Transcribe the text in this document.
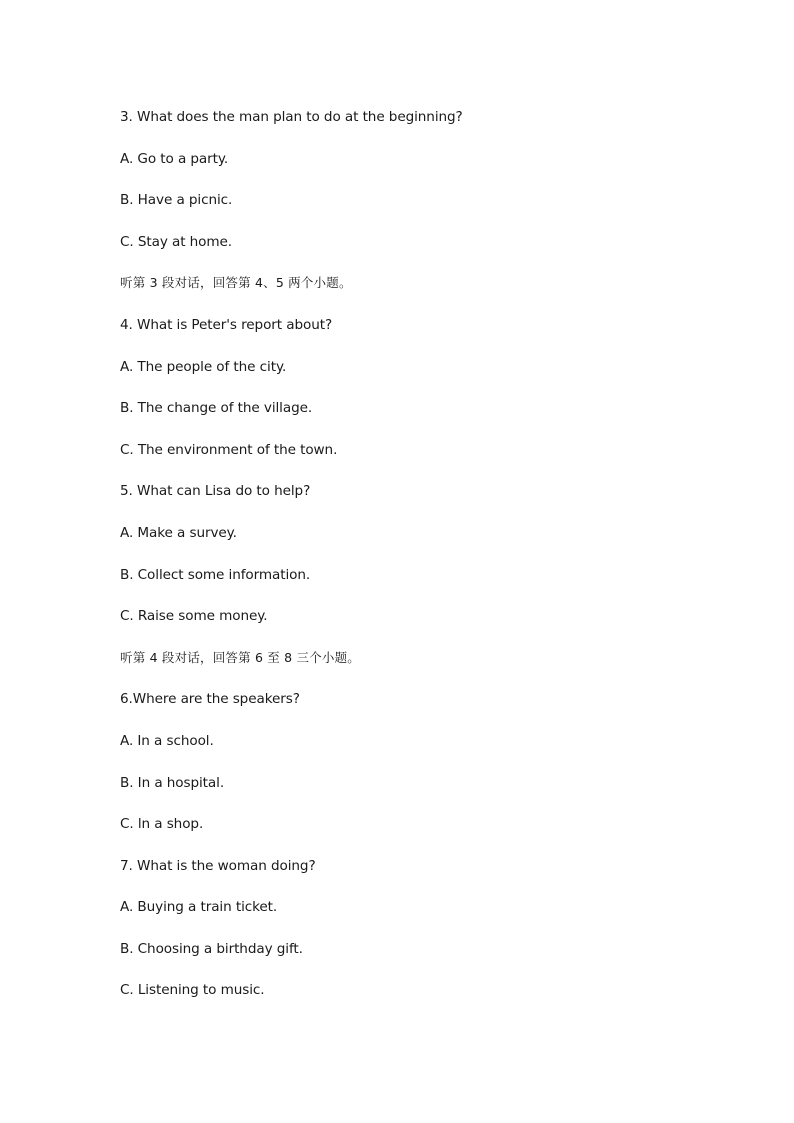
3. What does the man plan to do at the beginning?
A. Go to a party.
B. Have a picnic.
C. Stay at home.
听第 3 段对话，回答第 4、5 两个小题。
4. What is Peter's report about?
A. The people of the city.
B. The change of the village.
C. The environment of the town.
5. What can Lisa do to help?
A. Make a survey.
B. Collect some information.
C. Raise some money.
听第 4 段对话，回答第 6 至 8 三个小题。
6.Where are the speakers?
A. In a school.
B. In a hospital.
C. ln a shop.
7. What is the woman doing?
A. Buying a train ticket.
B. Choosing a birthday gift.
C. Listening to music.
